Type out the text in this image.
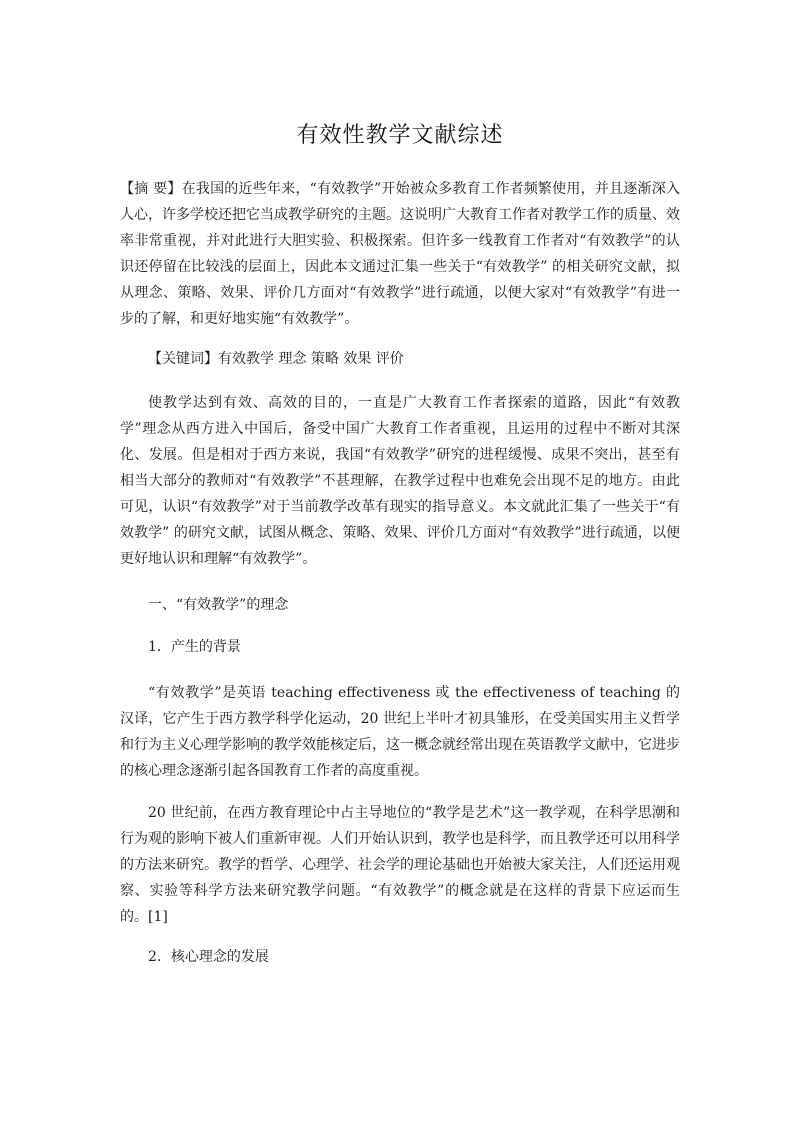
有效性教学文献综述
【摘 要】在我国的近些年来，“有效教学”开始被众多教育工作者频繁使用，并且逐渐深入人心，许多学校还把它当成教学研究的主题。这说明广大教育工作者对教学工作的质量、效率非常重视，并对此进行大胆实验、积极探索。但许多一线教育工作者对“有效教学”的认识还停留在比较浅的层面上，因此本文通过汇集一些关于“有效教学” 的相关研究文献，拟从理念、策略、效果、评价几方面对“有效教学”进行疏通，以便大家对“有效教学”有进一步的了解，和更好地实施“有效教学”。
【关键词】有效教学 理念 策略 效果 评价
使教学达到有效、高效的目的，一直是广大教育工作者探索的道路，因此“有效教学”理念从西方进入中国后，备受中国广大教育工作者重视，且运用的过程中不断对其深化、发展。但是相对于西方来说，我国“有效教学”研究的进程缓慢、成果不突出，甚至有相当大部分的教师对“有效教学”不甚理解，在教学过程中也难免会出现不足的地方。由此可见，认识“有效教学”对于当前教学改革有现实的指导意义。本文就此汇集了一些关于“有效教学” 的研究文献，试图从概念、策略、效果、评价几方面对“有效教学”进行疏通，以便更好地认识和理解“有效教学”。
一、“有效教学”的理念
1．产生的背景
“有效教学”是英语 teaching effectiveness 或 the effectiveness of teaching 的汉译，它产生于西方教学科学化运动，20 世纪上半叶才初具雏形，在受美国实用主义哲学和行为主义心理学影响的教学效能核定后，这一概念就经常出现在英语教学文献中，它进步的核心理念逐渐引起各国教育工作者的高度重视。
20 世纪前，在西方教育理论中占主导地位的“教学是艺术”这一教学观，在科学思潮和行为观的影响下被人们重新审视。人们开始认识到，教学也是科学，而且教学还可以用科学的方法来研究。教学的哲学、心理学、社会学的理论基础也开始被大家关注，人们还运用观察、实验等科学方法来研究教学问题。“有效教学”的概念就是在这样的背景下应运而生的。[1]
2．核心理念的发展
